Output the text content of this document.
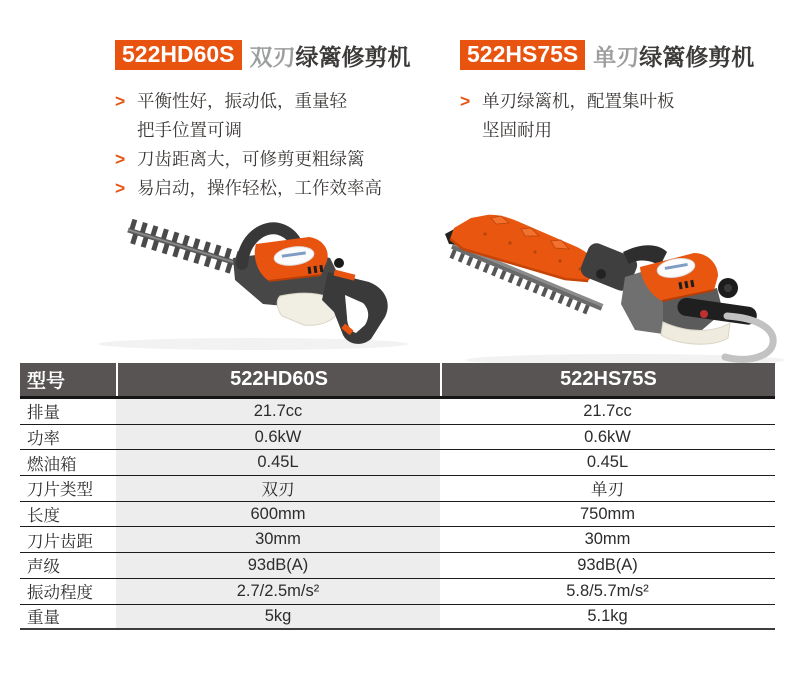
522HD60S 双刃绿篱修剪机
> 平衡性好，振动低，重量轻
把手位置可调
> 刀齿距离大，可修剪更粗绿篱
> 易启动，操作轻松，工作效率高
522HS75S 单刃绿篱修剪机
> 单刃绿篱机，配置集叶板
坚固耐用
型号	522HD60S	522HS75S
排量	21.7cc	21.7cc
功率	0.6kW	0.6kW
燃油箱	0.45L	0.45L
刀片类型	双刃	单刃
长度	600mm	750mm
刀片齿距	30mm	30mm
声级	93dB(A)	93dB(A)
振动程度	2.7/2.5m/s²	5.8/5.7m/s²
重量	5kg	5.1kg
